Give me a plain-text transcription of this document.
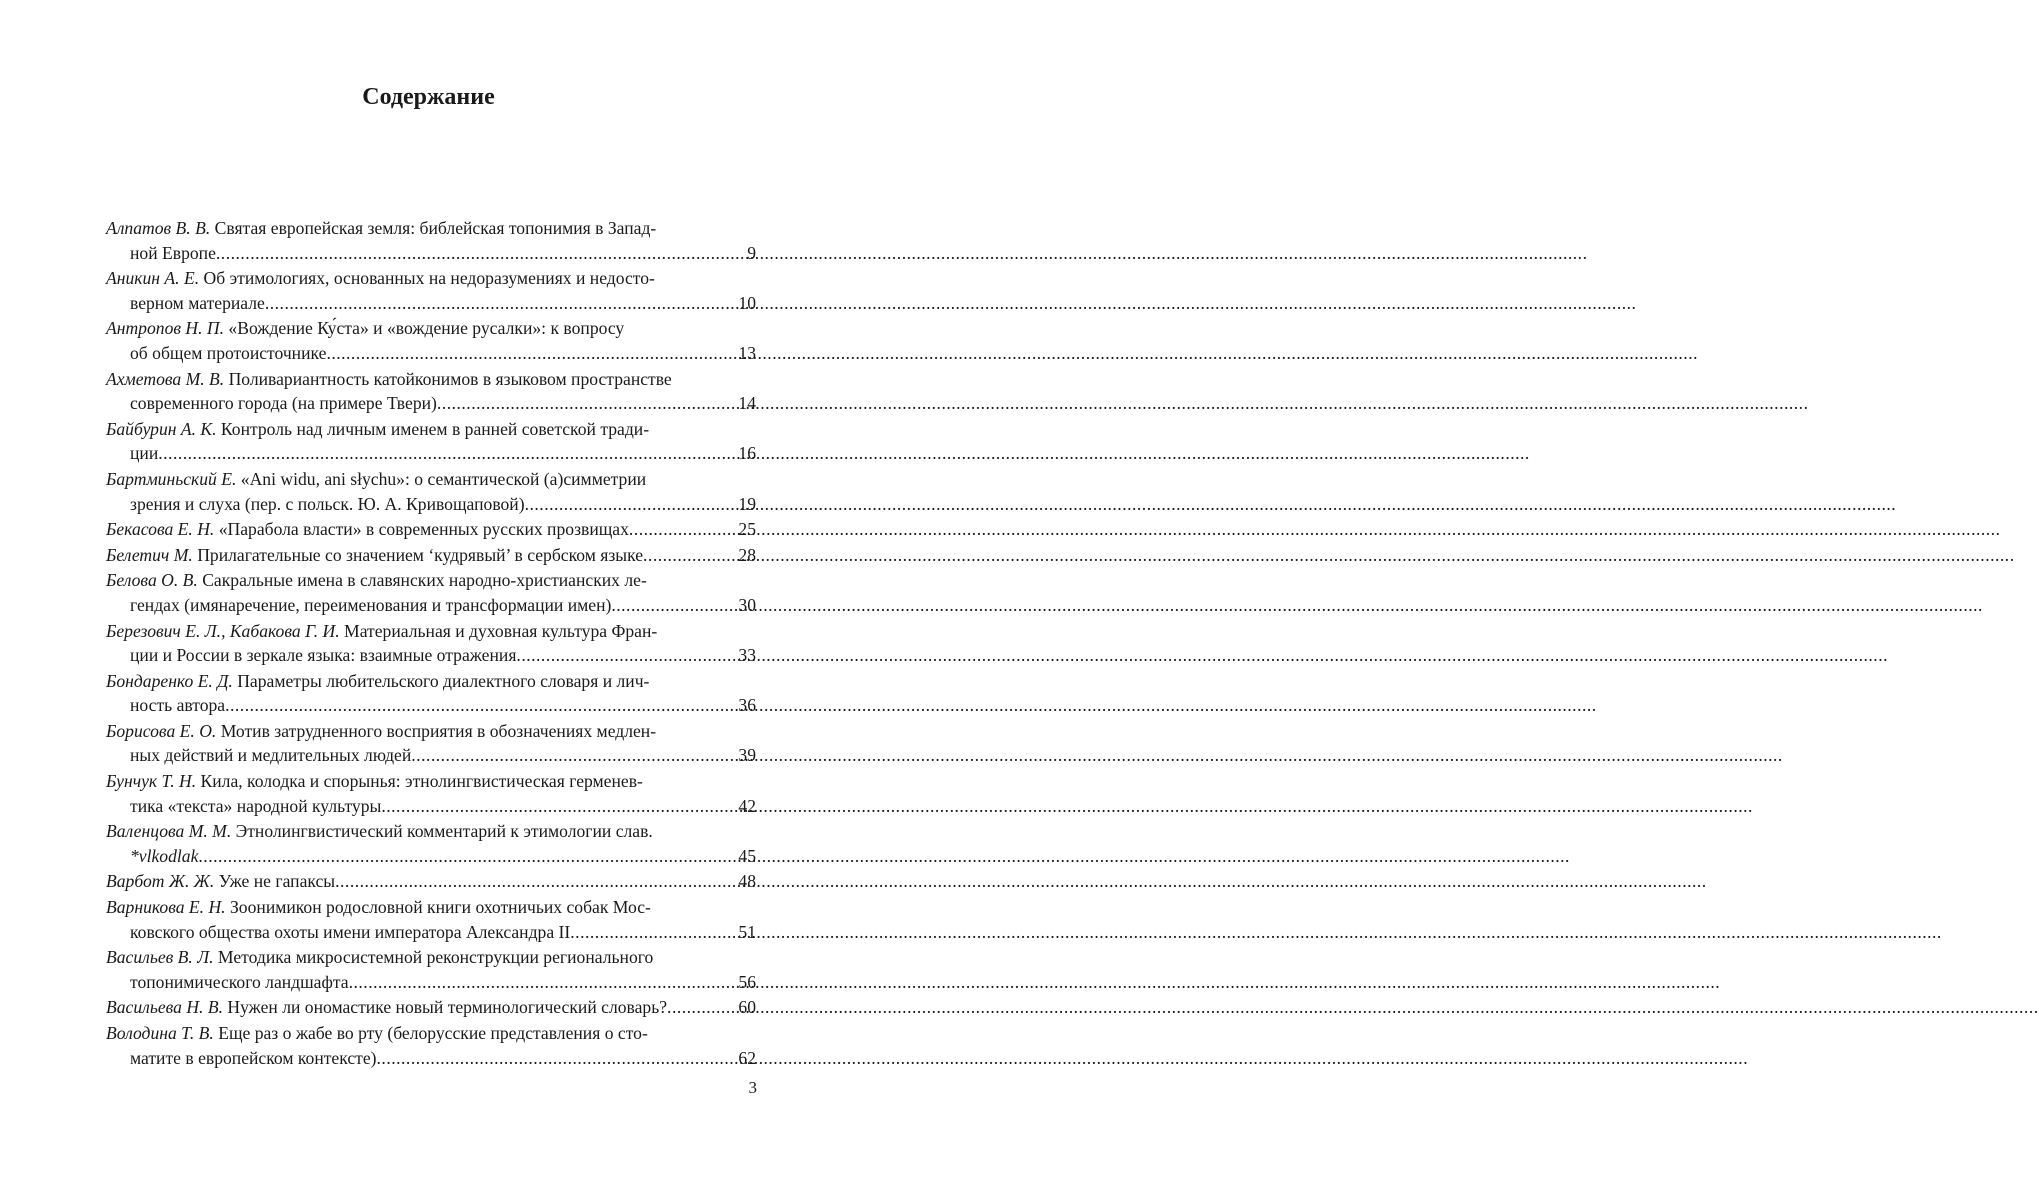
Содержание
Алпатов В. В. Святая европейская земля: библейская топонимия в Запад-
ной Европе .....	9
Аникин А. Е. Об этимологиях, основанных на недоразумениях и недосто-
верном материале .....	10
Антропов Н. П. «Вождение Ку́ста» и «вождение русалки»: к вопросу
об общем протоисточнике .....	13
Ахметова М. В. Поливариантность катойконимов в языковом пространстве
современного города (на примере Твери) .....	14
Байбурин А. К. Контроль над личным именем в ранней советской тради-
ции .....	16
Бартминьский Е. «Ani widu, ani słychu»: о семантической (а)симметрии
зрения и слуха (пер. с польск. Ю. А. Кривощаповой) .....	19
Бекасова Е. Н. «Парабола власти» в современных русских прозвищах .....	25
Белетич М. Прилагательные со значением ‘кудрявый’ в сербском языке .....	28
Белова О. В. Сакральные имена в славянских народно-христианских ле-
гендах (имянаречение, переименования и трансформации имен) .....	30
Березович Е. Л., Кабакова Г. И. Материальная и духовная культура Фран-
ции и России в зеркале языка: взаимные отражения .....	33
Бондаренко Е. Д. Параметры любительского диалектного словаря и лич-
ность автора .....	36
Борисова Е. О. Мотив затрудненного восприятия в обозначениях медлен-
ных действий и медлительных людей .....	39
Бунчук Т. Н. Кила, колодка и спорынья: этнолингвистическая герменев-
тика «текста» народной культуры .....	42
Валенцова М. М. Этнолингвистический комментарий к этимологии слав.
*vlkodlak .....	45
Варбот Ж. Ж. Уже не гапаксы .....	48
Варникова Е. Н. Зоонимикон родословной книги охотничьих собак Мос-
ковского общества охоты имени императора Александра II .....	51
Васильев В. Л. Методика микросистемной реконструкции регионального
топонимического ландшафта .....	56
Васильева Н. В. Нужен ли ономастике новый терминологический словарь? .....	60
Володина Т. В. Еще раз о жабе во рту (белорусские представления о сто-
матите в европейском контексте) .....	62
3
